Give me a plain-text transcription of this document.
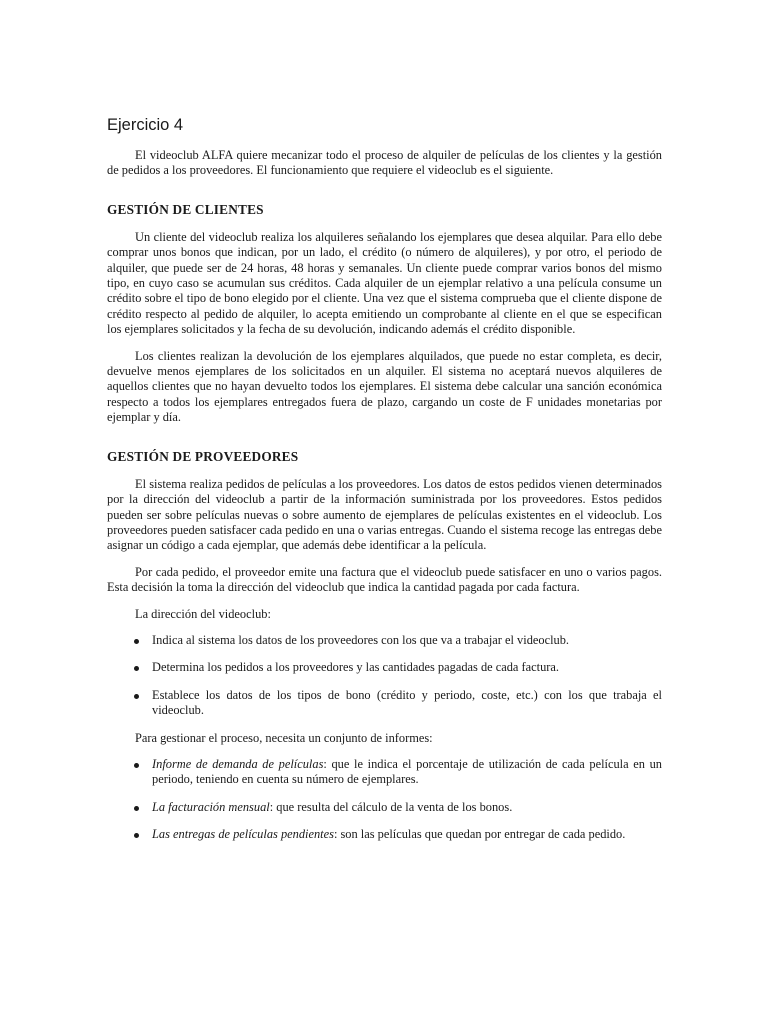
Ejercicio 4

El videoclub ALFA quiere mecanizar todo el proceso de alquiler de películas de los clientes y la gestión de pedidos a los proveedores. El funcionamiento que requiere el videoclub es el siguiente.

GESTIÓN DE CLIENTES

Un cliente del videoclub realiza los alquileres señalando los ejemplares que desea alquilar. Para ello debe comprar unos bonos que indican, por un lado, el crédito (o número de alquileres), y por otro, el periodo de alquiler, que puede ser de 24 horas, 48 horas y semanales. Un cliente puede comprar varios bonos del mismo tipo, en cuyo caso se acumulan sus créditos. Cada alquiler de un ejemplar relativo a una película consume un crédito sobre el tipo de bono elegido por el cliente. Una vez que el sistema comprueba que el cliente dispone de crédito respecto al pedido de alquiler, lo acepta emitiendo un comprobante al cliente en el que se especifican los ejemplares solicitados y la fecha de su devolución, indicando además el crédito disponible.

Los clientes realizan la devolución de los ejemplares alquilados, que puede no estar completa, es decir, devuelve menos ejemplares de los solicitados en un alquiler. El sistema no aceptará nuevos alquileres de aquellos clientes que no hayan devuelto todos los ejemplares. El sistema debe calcular una sanción económica respecto a todos los ejemplares entregados fuera de plazo, cargando un coste de F unidades monetarias por ejemplar y día.

GESTIÓN DE PROVEEDORES

El sistema realiza pedidos de películas a los proveedores. Los datos de estos pedidos vienen determinados por la dirección del videoclub a partir de la información suministrada por los proveedores. Estos pedidos pueden ser sobre películas nuevas o sobre aumento de ejemplares de películas existentes en el videoclub. Los proveedores pueden satisfacer cada pedido en una o varias entregas. Cuando el sistema recoge las entregas debe asignar un código a cada ejemplar, que además debe identificar a la película.

Por cada pedido, el proveedor emite una factura que el videoclub puede satisfacer en uno o varios pagos. Esta decisión la toma la dirección del videoclub que indica la cantidad pagada por cada factura.

La dirección del videoclub:

Indica al sistema los datos de los proveedores con los que va a trabajar el videoclub.
Determina los pedidos a los proveedores y las cantidades pagadas de cada factura.
Establece los datos de los tipos de bono (crédito y periodo, coste, etc.) con los que trabaja el videoclub.

Para gestionar el proceso, necesita un conjunto de informes:

Informe de demanda de películas: que le indica el porcentaje de utilización de cada película en un periodo, teniendo en cuenta su número de ejemplares.
La facturación mensual: que resulta del cálculo de la venta de los bonos.
Las entregas de películas pendientes: son las películas que quedan por entregar de cada pedido.
